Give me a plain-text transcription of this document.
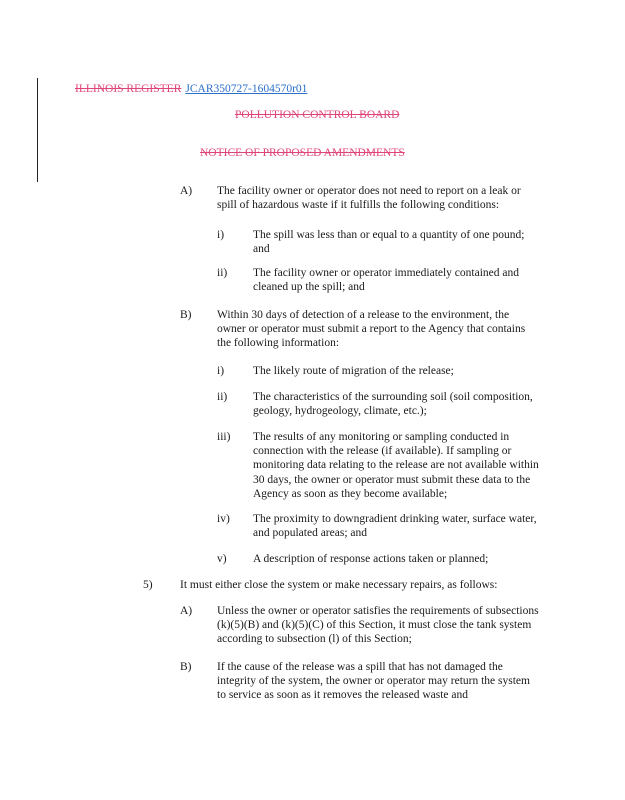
ILLINOIS REGISTER JCAR350727-1604570r01
POLLUTION CONTROL BOARD
NOTICE OF PROPOSED AMENDMENTS
A) The facility owner or operator does not need to report on a leak or spill of hazardous waste if it fulfills the following conditions:
i)	The spill was less than or equal to a quantity of one pound; and
ii) The facility owner or operator immediately contained and cleaned up the spill; and
B) Within 30 days of detection of a release to the environment, the owner or operator must submit a report to the Agency that contains the following information:
i)	The likely route of migration of the release;
ii) The characteristics of the surrounding soil (soil composition, geology, hydrogeology, climate, etc.);
iii) The results of any monitoring or sampling conducted in connection with the release (if available). If sampling or monitoring data relating to the release are not available within 30 days, the owner or operator must submit these data to the Agency as soon as they become available;
iv) The proximity to downgradient drinking water, surface water, and populated areas; and
v) A description of response actions taken or planned;
5) It must either close the system or make necessary repairs, as follows:
A) Unless the owner or operator satisfies the requirements of subsections (k)(5)(B) and (k)(5)(C) of this Section, it must close the tank system according to subsection (l) of this Section;
B) If the cause of the release was a spill that has not damaged the integrity of the system, the owner or operator may return the system to service as soon as it removes the released waste and
